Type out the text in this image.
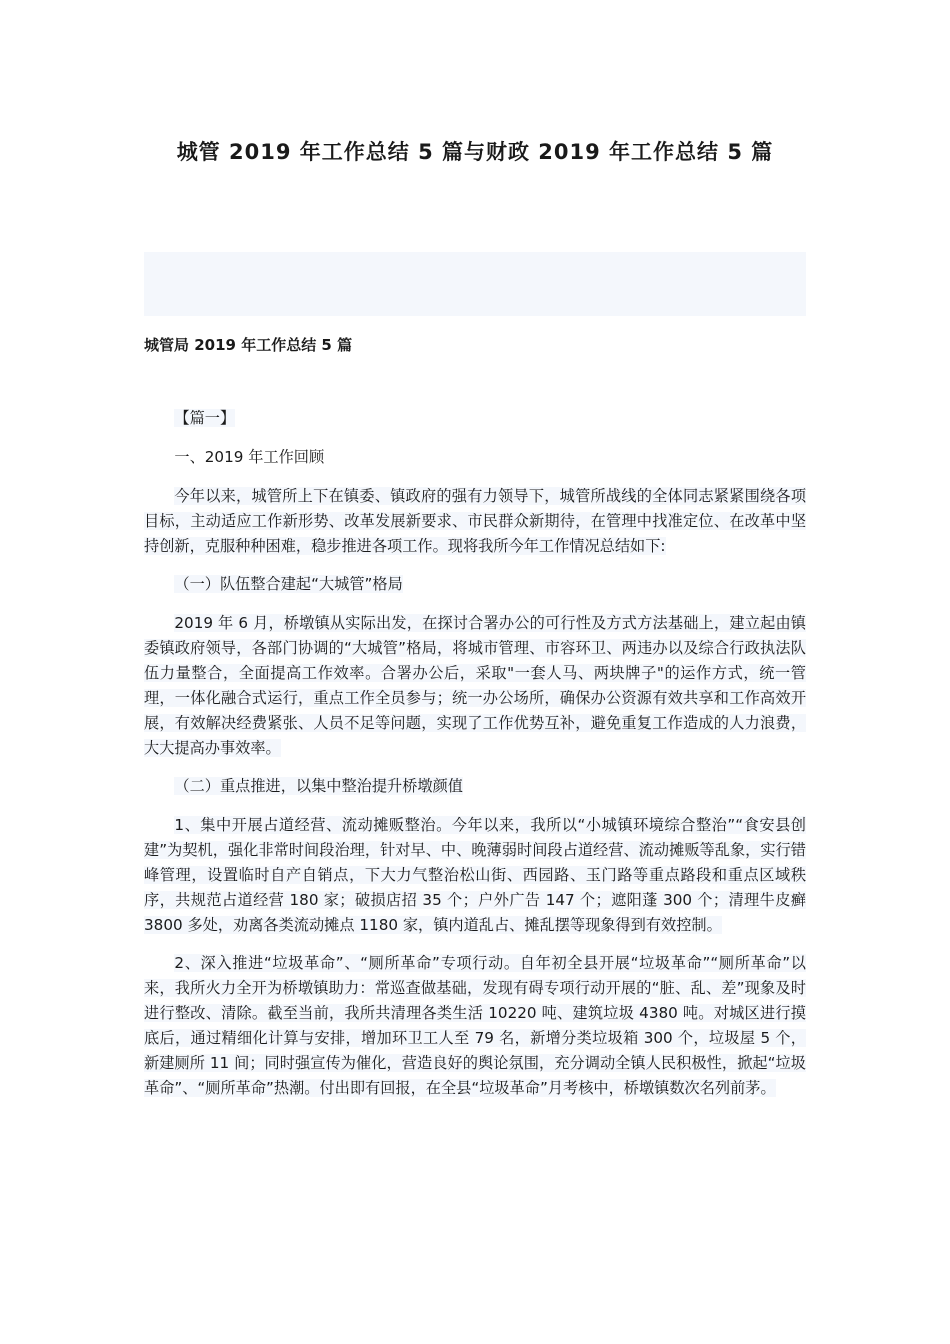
城管 2019 年工作总结 5 篇与财政 2019 年工作总结 5 篇
城管局 2019 年工作总结 5 篇

【篇一】

一、2019 年工作回顾

今年以来，城管所上下在镇委、镇政府的强有力领导下，城管所战线的全体同志紧紧围绕各项目标，主动适应工作新形势、改革发展新要求、市民群众新期待，在管理中找准定位、在改革中坚持创新，克服种种困难，稳步推进各项工作。现将我所今年工作情况总结如下:

（一）队伍整合建起“大城管”格局

2019 年 6 月，桥墩镇从实际出发，在探讨合署办公的可行性及方式方法基础上，建立起由镇委镇政府领导，各部门协调的“大城管”格局，将城市管理、市容环卫、两违办以及综合行政执法队伍力量整合，全面提高工作效率。合署办公后，采取"一套人马、两块牌子"的运作方式，统一管理，一体化融合式运行，重点工作全员参与；统一办公场所，确保办公资源有效共享和工作高效开展，有效解决经费紧张、人员不足等问题，实现了工作优势互补，避免重复工作造成的人力浪费，大大提高办事效率。

（二）重点推进，以集中整治提升桥墩颜值

1、集中开展占道经营、流动摊贩整治。今年以来，我所以“小城镇环境综合整治”“食安县创建”为契机，强化非常时间段治理，针对早、中、晚薄弱时间段占道经营、流动摊贩等乱象，实行错峰管理，设置临时自产自销点，下大力气整治松山街、西园路、玉门路等重点路段和重点区域秩序，共规范占道经营 180 家；破损店招 35 个；户外广告 147 个；遮阳蓬 300 个；清理牛皮癣 3800 多处，劝离各类流动摊点 1180 家，镇内道乱占、摊乱摆等现象得到有效控制。

2、深入推进“垃圾革命”、“厕所革命”专项行动。自年初全县开展“垃圾革命”“厕所革命”以来，我所火力全开为桥墩镇助力：常巡查做基础，发现有碍专项行动开展的“脏、乱、差”现象及时进行整改、清除。截至当前，我所共清理各类生活 10220 吨、建筑垃圾 4380 吨。对城区进行摸底后，通过精细化计算与安排，增加环卫工人至 79 名，新增分类垃圾箱 300 个，垃圾屋 5 个，新建厕所 11 间；同时强宣传为催化，营造良好的舆论氛围，充分调动全镇人民积极性，掀起“垃圾革命”、“厕所革命”热潮。付出即有回报，在全县“垃圾革命”月考核中，桥墩镇数次名列前茅。
